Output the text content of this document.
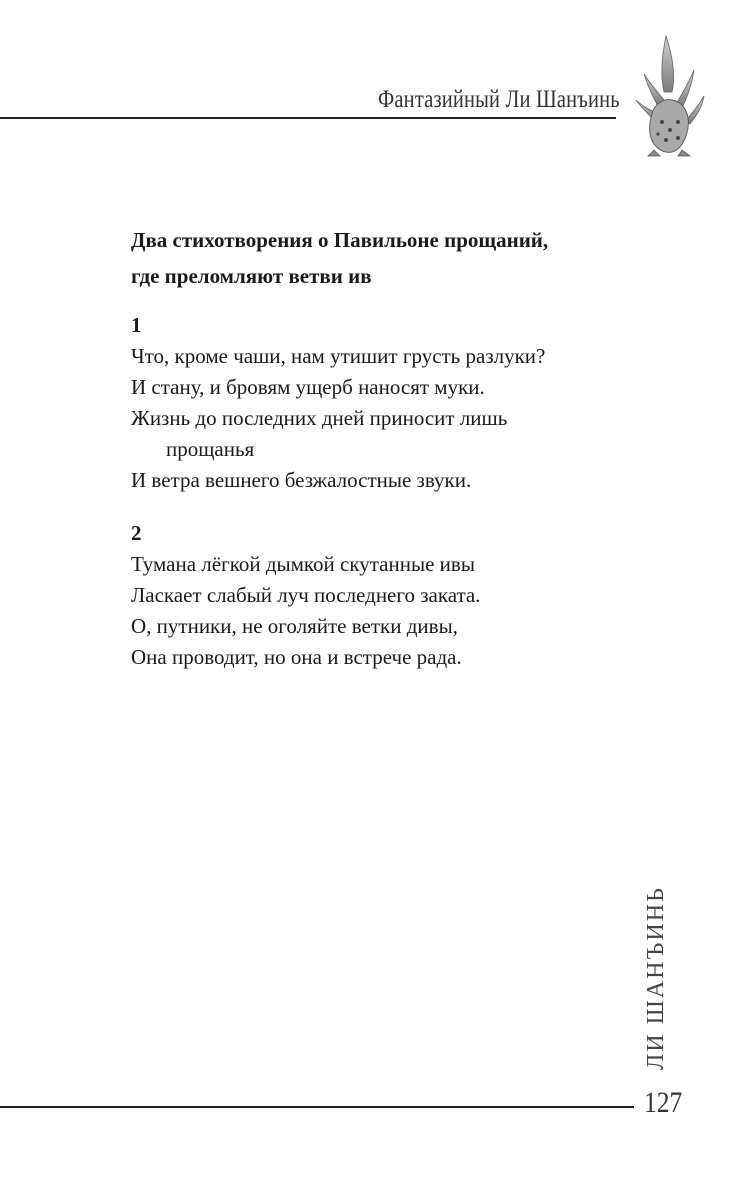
Фантазийный Ли Шанъинь
Два стихотворения о Павильоне прощаний,
где преломляют ветви ив
1
Что, кроме чаши, нам утишит грусть разлуки?
И стану, и бровям ущерб наносят муки.
Жизнь до последних дней приносит лишь
прощанья
И ветра вешнего безжалостные звуки.
2
Тумана лёгкой дымкой скутанные ивы
Ласкает слабый луч последнего заката.
О, путники, не оголяйте ветки дивы,
Она проводит, но она и встрече рада.
ЛИ ШАНЪИНЬ
127
